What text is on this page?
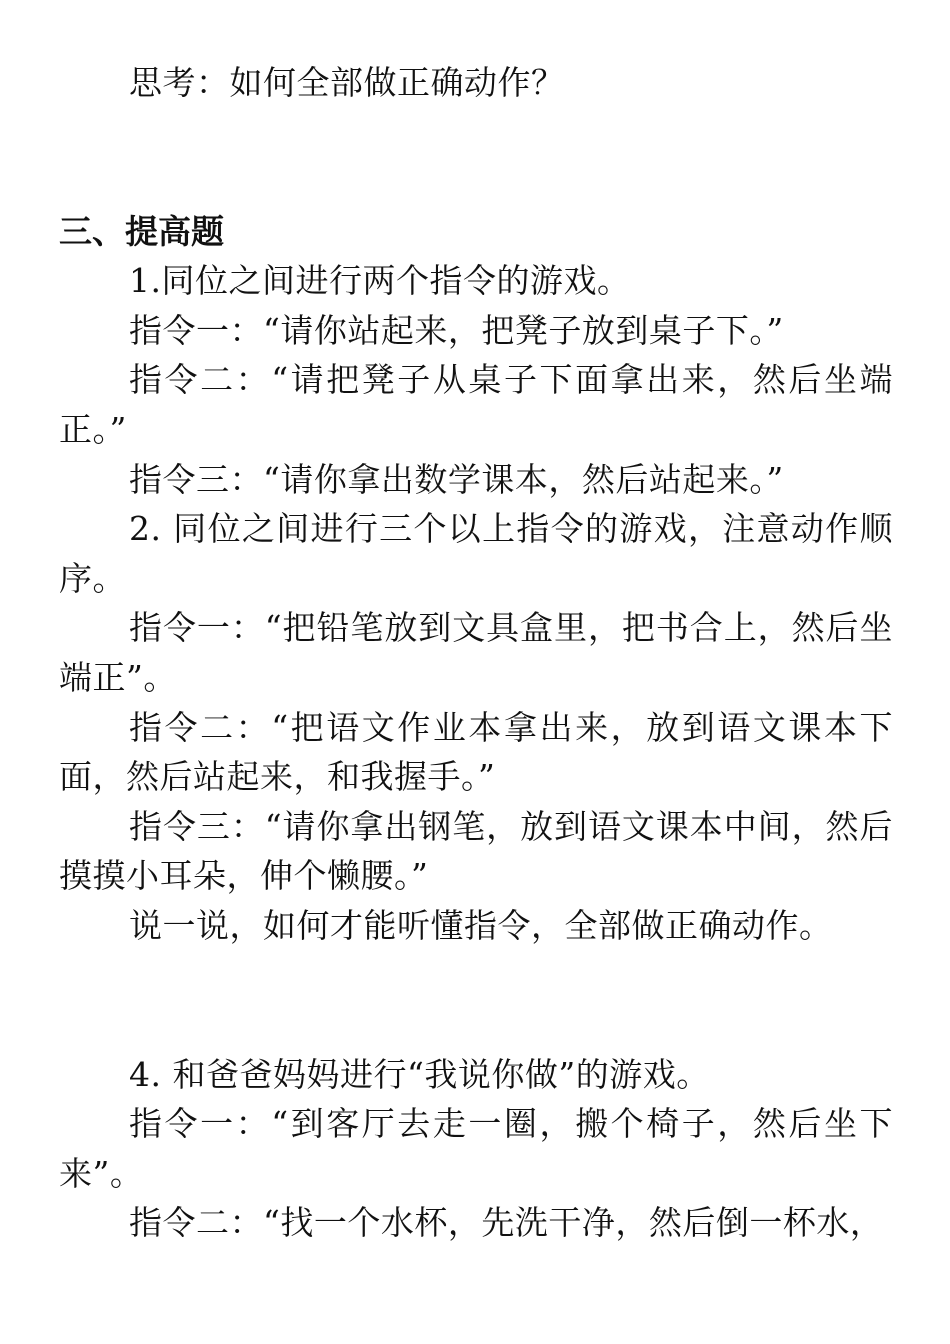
思考：如何全部做正确动作？

三、提高题

1.同位之间进行两个指令的游戏。

指令一：“请你站起来，把凳子放到桌子下。”

指令二：“请把凳子从桌子下面拿出来，然后坐端正。”

指令三：“请你拿出数学课本，然后站起来。”

2. 同位之间进行三个以上指令的游戏，注意动作顺序。

指令一：“把铅笔放到文具盒里，把书合上，然后坐端正”。

指令二：“把语文作业本拿出来，放到语文课本下面，然后站起来，和我握手。”

指令三：“请你拿出钢笔，放到语文课本中间，然后摸摸小耳朵，伸个懒腰。”

说一说，如何才能听懂指令，全部做正确动作。

4. 和爸爸妈妈进行“我说你做”的游戏。

指令一：“到客厅去走一圈，搬个椅子，然后坐下来”。

指令二：“找一个水杯，先洗干净，然后倒一杯水，
